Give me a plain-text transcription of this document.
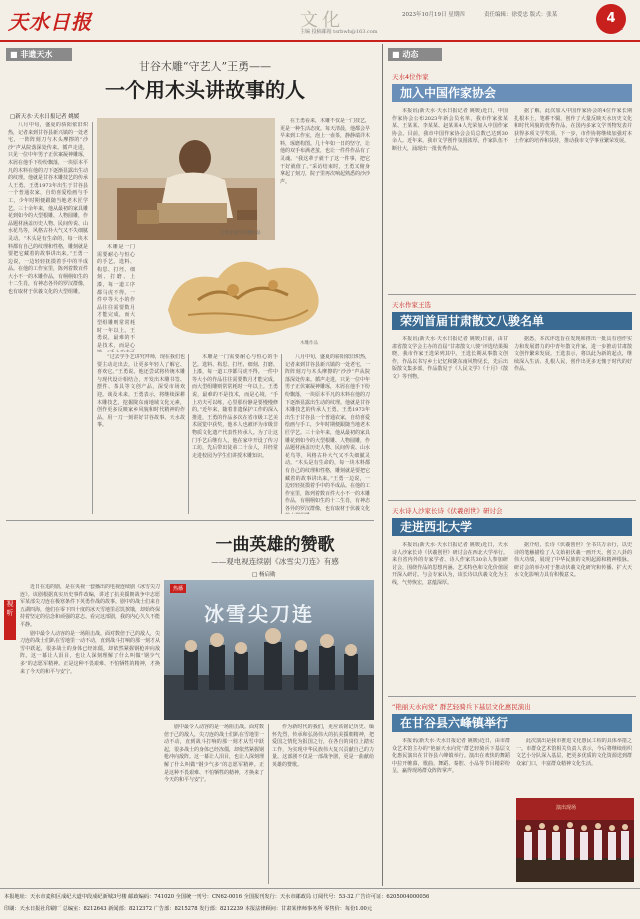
天水日报	文化
主编 投稿邮箱 tsrbwh@163.com
2023年10月19日 星期四	责任编辑：徐爱忠 版式：张某	4
版
■ 非遗天水
甘谷木雕“守艺人”王勇——
一个用木头讲故事的人
□新天水·天水日报记者 姚媛

八月中旬，盛夏的骄阳依旧炽热，记者来到甘谷县新兴镇的一处老宅，一阵阵刻刀与木头摩擦的“沙沙”声从院落深处传来。循声走进，只见一位中年男子正伏案凝神雕琢，木屑在他手下纷纷飘落，一块原本平凡的木料在他的刀下逐渐显露出生动的纹理。他就是甘谷木雕技艺的传承人王勇。王勇1973年出生于甘谷县一个普通农家，自幼喜爱绘画与手工，少年时期便跟随当地老木匠学艺。三十余年来，他从最初的家具雕花到如今的大型根雕、人物圆雕，作品题材涵盖历史人物、民间传说、山水花鸟等，风格古朴大气又不失细腻灵动。“木头是有生命的，每一块木料都有自己的纹理和性格，雕刻就是要把它藏着的故事讲出来。”王勇一边说，一边轻轻抚摸着手中的半成品。在他的工作室里，陈列着数百件大小不一的木雕作品，有栩栩如生的十二生肖，有神态各异的罗汉群像，也有取材于伏羲文化的大型组雕。

王勇在创作木雕作品
木雕作品

木雕是一门需要耐心与恒心的手艺。选料、构思、打坯、细刻、打磨、上漆，每一道工序都马虎不得。一件中等大小的作品往往需要数月才能完成，而大型组雕则常常耗时一年以上。王勇说，最难的不是技术，而是心

在王勇看来，木雕不仅是一门技艺，更是一种生活态度。每天清晨，他都会早早来到工作室，泡上一壶茶，静静端详木料，琢磨构图。几十年如一日的坚守，让他的双手布满老茧，也让一件件作品有了灵魂。“我这辈子就干了这一件事，把它干好就值了。”采访结束时，王勇又俯身拿起了刻刀，院子里再次响起熟悉的沙沙声。

“过去学手艺讲究拜师，现在我们也要主动走出去，让更多年轻人了解它、喜欢它。”王勇说。他还尝试将传统木雕与现代设计相结合，开发出木雕书签、摆件、茶具等文创产品，深受市场欢迎。谈及未来，王勇表示，将继续深耕木雕技艺，挖掘陇东南地域文化元素，创作更多反映家乡风貌和时代精神的作品，用一刀一刻讲好甘谷故事、天水故事。

木雕是一门需要耐心与恒心的手艺。选料、构思、打坯、细刻、打磨、上漆，每一道工序都马虎不得。一件中等大小的作品往往需要数月才能完成，而大型组雕则常常耗时一年以上。王勇说，最难的不是技术，而是心境，“手上功夫可以练，心里那份静是要慢慢修的。”近年来，随着非遗保护工作的深入推进，王勇的作品多次在省市级工艺美术展览中获奖，他本人也被评为市级非物质文化遗产代表性传承人。为了让这门手艺后继有人，他在家中开设了传习工坊，先后带出徒弟二十余人，并经常走进校园为学生们讲授木雕知识。

八月中旬，盛夏的骄阳依旧炽热，记者来到甘谷县新兴镇的一处老宅，一阵阵刻刀与木头摩擦的“沙沙”声从院落深处传来。循声走进，只见一位中年男子正伏案凝神雕琢，木屑在他手下纷纷飘落，一块原本平凡的木料在他的刀下逐渐显露出生动的纹理。他就是甘谷木雕技艺的传承人王勇。王勇1973年出生于甘谷县一个普通农家，自幼喜爱绘画与手工，少年时期便跟随当地老木匠学艺。三十余年来，他从最初的家具雕花到如今的大型根雕、人物圆雕，作品题材涵盖历史人物、民间传说、山水花鸟等，风格古朴大气又不失细腻灵动。“木头是有生命的，每一块木料都有自己的纹理和性格，雕刻就是要把它藏着的故事讲出来。”王勇一边说，一边轻轻抚摸着手中的半成品。在他的工作室里，陈列着数百件大小不一的木雕作品，有栩栩如生的十二生肖，有神态各异的罗汉群像，也有取材于伏羲文化

视听
一曲英雄的赞歌
——观电视连续剧《冰雪尖刀连》有感
□ 杨启勋

近日在追的剧，是在央视一套播出的电视连续剧《冰雪尖刀连》。该剧根据真实历史事件改编，讲述了抗美援朝战争中志愿军某部尖刀连在极寒条件下英勇作战的故事。剧中的战士们来自五湖四海，他们在零下四十度的冰天雪地里忍饥挨饿，却始终保持着坚定的信念和顽强的意志。看完这部剧，我的内心久久不能平静。

剧中最令人动容的是一场阻击战。面对数倍于己的敌人，尖刀连的战士们趴在雪地里一动不动，直到战斗打响的那一刻才从雪中跃起，很多战士的身体已经冻僵，却依然紧握钢枪冲向敌阵。这一幕让人泪目，也让人深刻理解了什么叫做“钢少气多”的志愿军精神。正是这种不畏艰难、不怕牺牲的精神，才换来了今天的和平与安宁。

冰雪尖刀连
热播

剧中最令人动容的是一场阻击战。面对数倍于己的敌人，尖刀连的战士们趴在雪地里一动不动，直到战斗打响的那一刻才从雪中跃起，很多战士的身体已经冻僵，却依然紧握钢枪冲向敌阵。这一幕让人泪目，也让人深刻理解了什么叫做“钢少气多”的志愿军精神。正是这种不畏艰难、不怕牺牲的精神，才换来了今天的和平与安宁。

作为新时代的我们，更应该铭记历史、缅怀先烈，传承和弘扬伟大的抗美援朝精神，把爱国之情化为报国之行，在各自的岗位上踏实工作，为实现中华民族伟大复兴贡献自己的力量。这部剧不仅是一部战争剧，更是一曲献给英雄的赞歌。

■ 动态
天水4位作家
加入中国作家协会

本报讯(新天水·天水日报记者 姚媛)近日，中国作家协会公布2023年新会员名单，我市作家张某某、王某某、李某某、赵某某4人光荣加入中国作家协会。目前，我市中国作家协会会员总数已达到30余人。近年来，我市文学创作氛围浓厚，作家队伍不断壮大，涌现出一批优秀作品。

据了解，此次加入中国作家协会的4位作家长期扎根本土，笔耕不辍，创作了大量反映天水历史文化和时代风貌的优秀作品，在国内多家文学刊物发表并获得多项文学奖项。下一步，市作协将继续加强对本土作家的培养和扶持，推动我市文学事业繁荣发展。

天水作家王选
荣列首届甘肃散文八骏名单

本报讯(新天水·天水日报记者 姚媛)日前，由甘肃省散文学会主办的首届“甘肃散文八骏”评选结果揭晓，我市作家王选荣列其中。王选长期从事散文创作，作品以书写乡土记忆和陇东南风物见长，先后出版散文集多部，作品散见于《人民文学》《十月》《散文》等刊物。

据悉，本次评选旨在发现和推出一批具有创作实力和发展潜力的中青年散文作家，进一步推动甘肃散文创作繁荣发展。王选表示，将以此为新的起点，继续深入生活、扎根人民，创作出更多无愧于时代的好作品。

天水诗人沙家长诗《伏羲创世》研讨会
走进西北大学

本报讯(新天水·天水日报记者 姚媛)近日，天水诗人沙家长诗《伏羲创世》研讨会在西北大学举行。来自省内外的专家学者、诗人作家共30余人参加研讨会，围绕作品的思想内涵、艺术特色和文化价值展开深入研讨。与会专家认为，该长诗以伏羲文化为主线，气势恢宏，意蕴深厚。

据介绍，长诗《伏羲创世》全书共万余行，以史诗的笔触描绘了人文始祖伏羲一画开天、创立八卦的伟大功绩，展现了中华民族的文明起源和精神根脉。研讨会的举办对于推动伏羲文化研究和传播、扩大天水文化影响力具有积极意义。

“艳丽天水向党” 群艺轻骑兵下基层文化惠民演出
在甘谷县六峰镇举行

本报讯(新天水·天水日报记者 姚媛)近日，由市群众艺术馆主办的“艳丽天水向党”群艺轻骑兵下基层文化惠民演出在甘谷县六峰镇举行。演出在欢快的舞蹈中拉开帷幕，歌曲、舞蹈、秦腔、小品等节目精彩纷呈，赢得现场群众阵阵掌声。

此次演出是我市推进文化惠民工程的具体举措之一。市群众艺术馆相关负责人表示，今后将继续组织文艺小分队深入基层，把更多优质的文化资源送到群众家门口，丰富群众精神文化生活。

演出现场
本报地址：天水市麦积区成纪大道中段成纪新城3号楼 邮政编码：741020 全国统一刊号：CN62-0016 全国报刊发行：天水市邮政局 订阅代号：53-32 广告许可证：6205004000056
印刷：天水日报社印刷厂 总编室：8212643 新闻部：8212372 广告部：8215278 发行部：8212239 本报法律顾问：甘肃某律师事务所 零售价：每份1.00元
